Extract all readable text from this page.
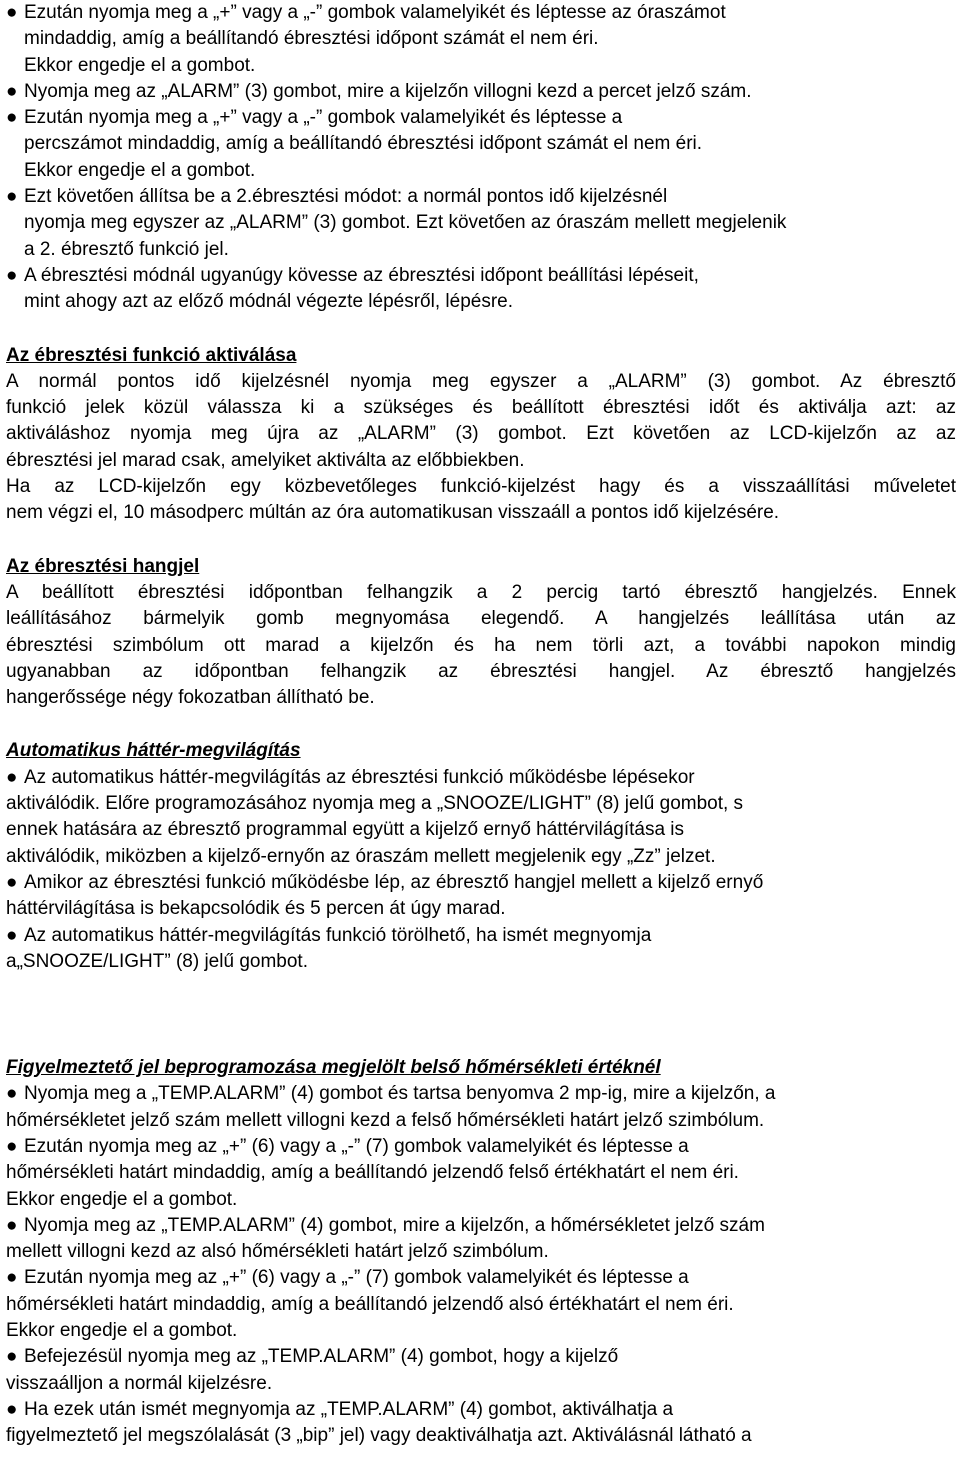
● Ezután nyomja meg a „+” vagy a „-” gombok valamelyikét és léptesse az óraszámot
mindaddig, amíg a beállítandó ébresztési időpont számát el nem éri.
Ekkor engedje el a gombot.
● Nyomja meg az „ALARM” (3) gombot, mire a kijelzőn villogni kezd a percet jelző szám.
● Ezután nyomja meg a „+” vagy a „-” gombok valamelyikét és léptesse a
percszámot mindaddig, amíg a beállítandó ébresztési időpont számát el nem éri.
Ekkor engedje el a gombot.
● Ezt követően állítsa be a 2.ébresztési módot: a normál pontos idő kijelzésnél
nyomja meg egyszer az „ALARM” (3) gombot. Ezt követően az óraszám mellett megjelenik
a 2. ébresztő funkció jel.
● A ébresztési módnál ugyanúgy kövesse az ébresztési időpont beállítási lépéseit,
mint ahogy azt az előző módnál végezte lépésről, lépésre.
Az ébresztési funkció aktiválása
A normál pontos idő kijelzésnél nyomja meg egyszer a „ALARM” (3) gombot. Az ébresztő
funkció jelek közül válassza ki a szükséges és beállított ébresztési időt és aktiválja azt: az
aktiváláshoz nyomja meg újra az „ALARM” (3) gombot. Ezt követően az LCD-kijelzőn az az
ébresztési jel marad csak, amelyiket aktiválta az előbbiekben.
Ha az LCD-kijelzőn egy közbevetőleges funkció-kijelzést hagy és a visszaállítási műveletet
nem végzi el, 10 másodperc múltán az óra automatikusan visszaáll a pontos idő kijelzésére.
Az ébresztési hangjel
A beállított ébresztési időpontban felhangzik a 2 percig tartó ébresztő hangjelzés. Ennek
leállításához bármelyik gomb megnyomása elegendő. A hangjelzés leállítása után az
ébresztési szimbólum ott marad a kijelzőn és ha nem törli azt, a további napokon mindig
ugyanabban az időpontban felhangzik az ébresztési hangjel. Az ébresztő hangjelzés
hangerőssége négy fokozatban állítható be.
Automatikus háttér-megvilágítás
● Az automatikus háttér-megvilágítás az ébresztési funkció működésbe lépésekor
aktiválódik. Előre programozásához nyomja meg a „SNOOZE/LIGHT” (8) jelű gombot, s
ennek hatására az ébresztő programmal együtt a kijelző ernyő háttérvilágítása is
aktiválódik, miközben a kijelző-ernyőn az óraszám mellett megjelenik egy „Zz” jelzet.
● Amikor az ébresztési funkció működésbe lép, az ébresztő hangjel mellett a kijelző ernyő
háttérvilágítása is bekapcsolódik és 5 percen át úgy marad.
● Az automatikus háttér-megvilágítás funkció törölhető, ha ismét megnyomja
a„SNOOZE/LIGHT” (8) jelű gombot.
Figyelmeztető jel beprogramozása megjelölt belső hőmérsékleti értéknél
● Nyomja meg a „TEMP.ALARM” (4) gombot és tartsa benyomva 2 mp-ig, mire a kijelzőn, a
hőmérsékletet jelző szám mellett villogni kezd a felső hőmérsékleti határt jelző szimbólum.
● Ezután nyomja meg az „+” (6) vagy a „-” (7) gombok valamelyikét és léptesse a
hőmérsékleti határt mindaddig, amíg a beállítandó jelzendő felső értékhatárt el nem éri.
Ekkor engedje el a gombot.
● Nyomja meg az „TEMP.ALARM” (4) gombot, mire a kijelzőn, a hőmérsékletet jelző szám
mellett villogni kezd az alsó hőmérsékleti határt jelző szimbólum.
● Ezután nyomja meg az „+” (6) vagy a „-” (7) gombok valamelyikét és léptesse a
hőmérsékleti határt mindaddig, amíg a beállítandó jelzendő alsó értékhatárt el nem éri.
Ekkor engedje el a gombot.
● Befejezésül nyomja meg az „TEMP.ALARM” (4) gombot, hogy a kijelző
visszaálljon a normál kijelzésre.
● Ha ezek után ismét megnyomja az „TEMP.ALARM” (4) gombot, aktiválhatja a
figyelmeztető jel megszólalását (3 „bip” jel) vagy deaktiválhatja azt. Aktiválásnál látható a
